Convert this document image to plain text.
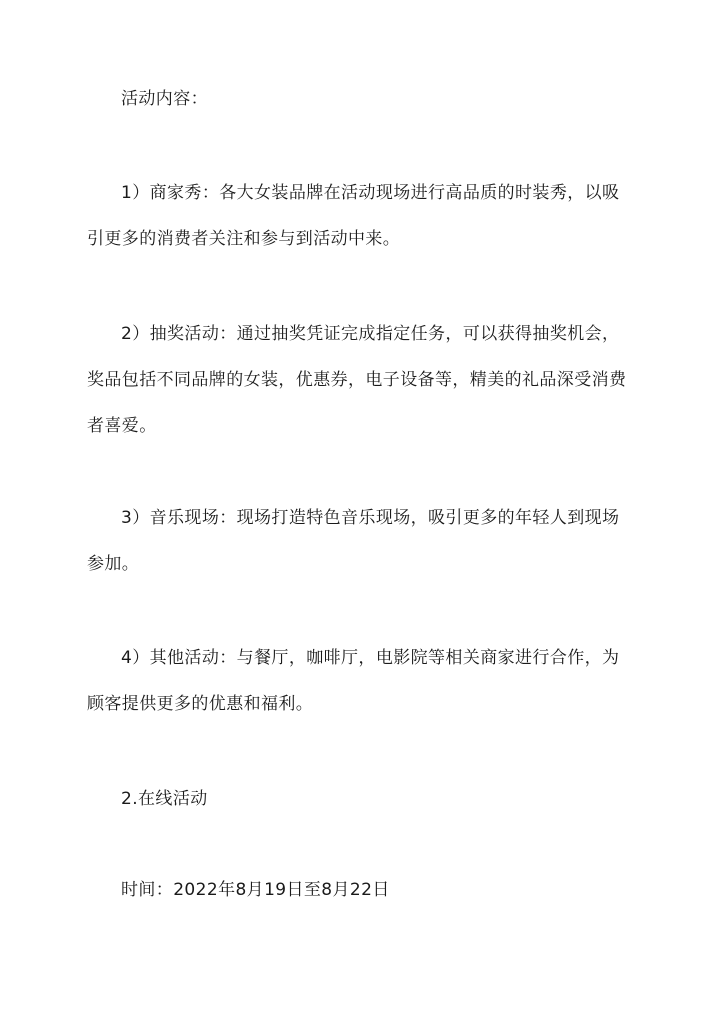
活动内容：

1）商家秀：各大女装品牌在活动现场进行高品质的时装秀，以吸引更多的消费者关注和参与到活动中来。

2）抽奖活动：通过抽奖凭证完成指定任务，可以获得抽奖机会，奖品包括不同品牌的女装，优惠券，电子设备等，精美的礼品深受消费者喜爱。

3）音乐现场：现场打造特色音乐现场，吸引更多的年轻人到现场参加。

4）其他活动：与餐厅，咖啡厅，电影院等相关商家进行合作，为顾客提供更多的优惠和福利。

2.在线活动

时间：2022年8月19日至8月22日
